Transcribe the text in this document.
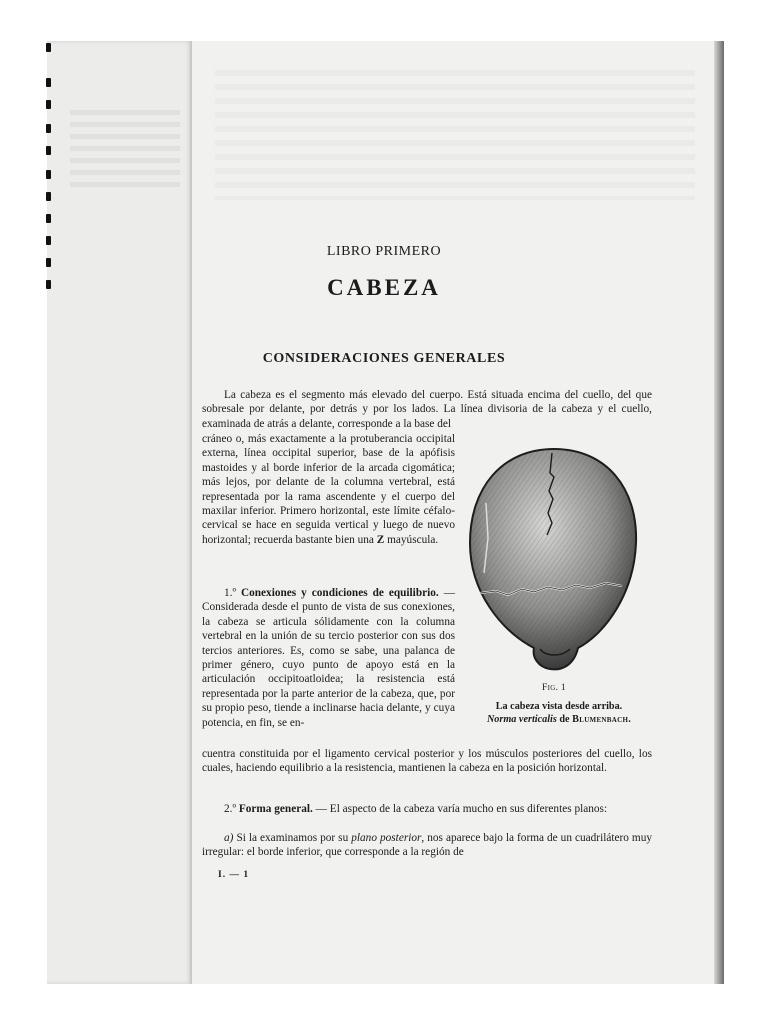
LIBRO PRIMERO
CABEZA
CONSIDERACIONES GENERALES
La cabeza es el segmento más elevado del cuerpo. Está situada encima del cuello, del que sobresale por delante, por detrás y por los lados. La línea divisoria de la cabeza y el cuello, examinada de atrás a delante, corresponde a la base del
cráneo o, más exactamente a la protuberancia occipital externa, línea occipital superior, base de la apófisis mastoides y al borde inferior de la arcada cigomática; más lejos, por delante de la columna vertebral, está representada por la rama ascendente y el cuerpo del maxilar inferior. Primero horizontal, este límite céfalo-cervical se hace en seguida vertical y luego de nuevo horizontal; recuerda bastante bien una Z mayúscula.
1.º Conexiones y condiciones de equilibrio. — Considerada desde el punto de vista de sus conexiones, la cabeza se articula sólidamente con la columna vertebral en la unión de su tercio posterior con sus dos tercios anteriores. Es, como se sabe, una palanca de primer género, cuyo punto de apoyo está en la articulación occipitoatloidea; la resistencia está representada por la parte anterior de la cabeza, que, por su propio peso, tiende a inclinarse hacia delante, y cuya potencia, en fin, se en-
cuentra constituida por el ligamento cervical posterior y los músculos posteriores del cuello, los cuales, haciendo equilibrio a la resistencia, mantienen la cabeza en la posición horizontal.
2.º Forma general. — El aspecto de la cabeza varía mucho en sus diferentes planos:
a) Si la examinamos por su plano posterior, nos aparece bajo la forma de un cuadrilátero muy irregular: el borde inferior, que corresponde a la región de
Fig. 1
La cabeza vista desde arriba.
Norma verticalis de Blumenbach.
I. — 1
